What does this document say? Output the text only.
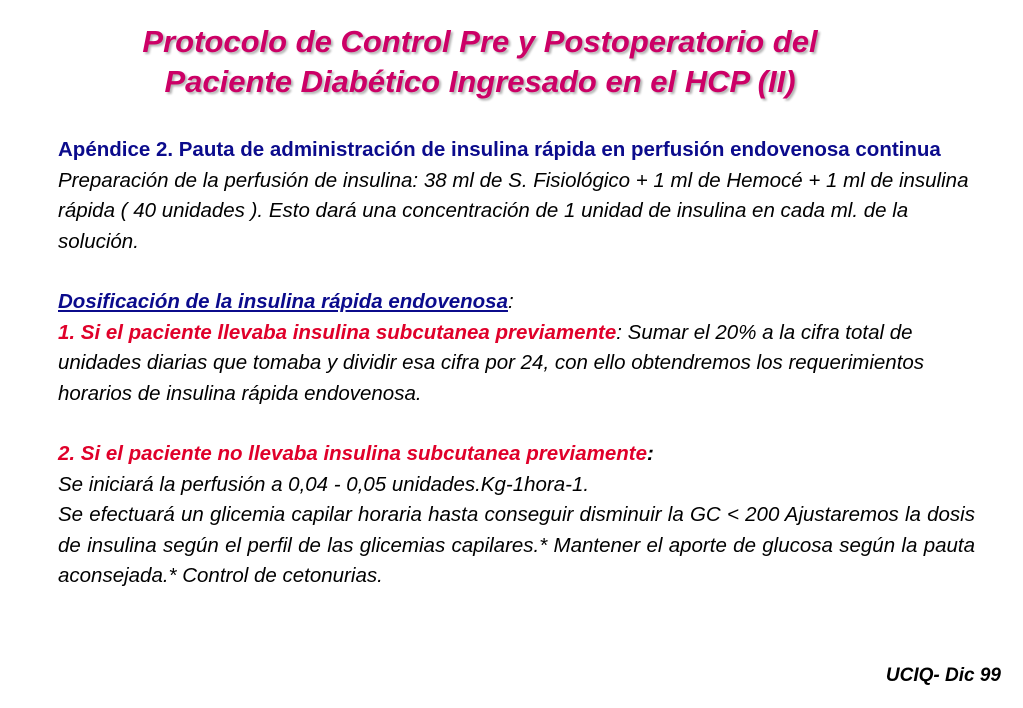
Protocolo de Control Pre y Postoperatorio del
Paciente Diabético Ingresado en el HCP (II)

Apéndice 2. Pauta de administración de insulina rápida en perfusión endovenosa continua

Preparación de la perfusión de insulina: 38 ml de S. Fisiológico + 1 ml de Hemocé + 1 ml de insulina rápida ( 40 unidades ). Esto dará una concentración de 1 unidad de insulina en cada ml. de la solución.

Dosificación de la insulina rápida endovenosa:

1. Si el paciente llevaba insulina subcutanea previamente: Sumar el 20% a la cifra total de unidades diarias que tomaba y dividir esa cifra por 24, con ello obtendremos los requerimientos horarios de insulina rápida endovenosa.

2. Si el paciente no llevaba insulina subcutanea previamente:

Se iniciará la perfusión a 0,04 - 0,05 unidades.Kg-1hora-1.

Se efectuará un glicemia capilar horaria hasta conseguir disminuir la GC < 200 Ajustaremos la dosis de insulina según el perfil de las glicemias capilares.* Mantener el aporte de glucosa según la pauta aconsejada.* Control de cetonurias.

UCIQ- Dic 99
